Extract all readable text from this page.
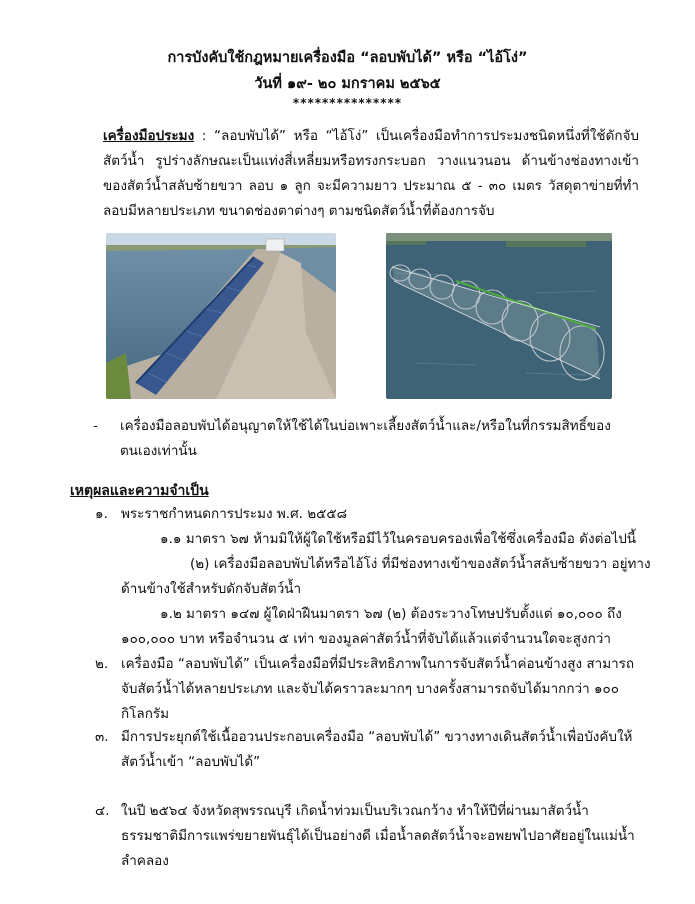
การบังคับใช้กฎหมายเครื่องมือ “ลอบพับได้” หรือ “ไอ้โง่”
วันที่ ๑๙- ๒๐ มกราคม ๒๕๖๕
***************
เครื่องมือประมง : “ลอบพับได้” หรือ “ไอ้โง่” เป็นเครื่องมือทำการประมงชนิดหนึ่งที่ใช้ดักจับสัตว์น้ำ รูปร่างลักษณะเป็นแท่งสี่เหลี่ยมหรือทรงกระบอก วางแนวนอน ด้านข้างช่องทางเข้าของสัตว์น้ำสลับซ้ายขวา ลอบ ๑ ลูก จะมีความยาว ประมาณ ๕ - ๓๐ เมตร วัสดุตาข่ายที่ทำลอบมีหลายประเภท ขนาดช่องตาต่างๆ ตามชนิดสัตว์น้ำที่ต้องการจับ
- เครื่องมือลอบพับได้อนุญาตให้ใช้ได้ในบ่อเพาะเลี้ยงสัตว์น้ำและ/หรือในที่กรรมสิทธิ์ของตนเองเท่านั้น
เหตุผลและความจำเป็น
๑. พระราชกำหนดการประมง พ.ศ. ๒๕๕๘
๑.๑ มาตรา ๖๗ ห้ามมิให้ผู้ใดใช้หรือมีไว้ในครอบครองเพื่อใช้ซึ่งเครื่องมือ ดังต่อไปนี้
(๒) เครื่องมือลอบพับได้หรือไอ้โง่ ที่มีช่องทางเข้าของสัตว์น้ำสลับซ้ายขวา อยู่ทาง
ด้านข้างใช้สำหรับดักจับสัตว์น้ำ
๑.๒ มาตรา ๑๔๗ ผู้ใดฝ่าฝืนมาตรา ๖๗ (๒) ต้องระวางโทษปรับตั้งแต่ ๑๐,๐๐๐ ถึง
๑๐๐,๐๐๐ บาท หรือจำนวน ๕ เท่า ของมูลค่าสัตว์น้ำที่จับได้แล้วแต่จำนวนใดจะสูงกว่า
๒. เครื่องมือ “ลอบพับได้” เป็นเครื่องมือที่มีประสิทธิภาพในการจับสัตว์น้ำค่อนข้างสูง สามารถจับสัตว์น้ำได้หลายประเภท และจับได้คราวละมากๆ บางครั้งสามารถจับได้มากกว่า ๑๐๐ กิโลกรัม
๓. มีการประยุกต์ใช้เนื้ออวนประกอบเครื่องมือ “ลอบพับได้” ขวางทางเดินสัตว์น้ำเพื่อบังคับให้สัตว์น้ำเข้า “ลอบพับได้”
๔. ในปี ๒๕๖๔ จังหวัดสุพรรณบุรี เกิดน้ำท่วมเป็นบริเวณกว้าง ทำให้ปีที่ผ่านมาสัตว์น้ำธรรมชาติมีการแพร่ขยายพันธุ์ได้เป็นอย่างดี เมื่อน้ำลดสัตว์น้ำจะอพยพไปอาศัยอยู่ในแม่น้ำลำคลอง
